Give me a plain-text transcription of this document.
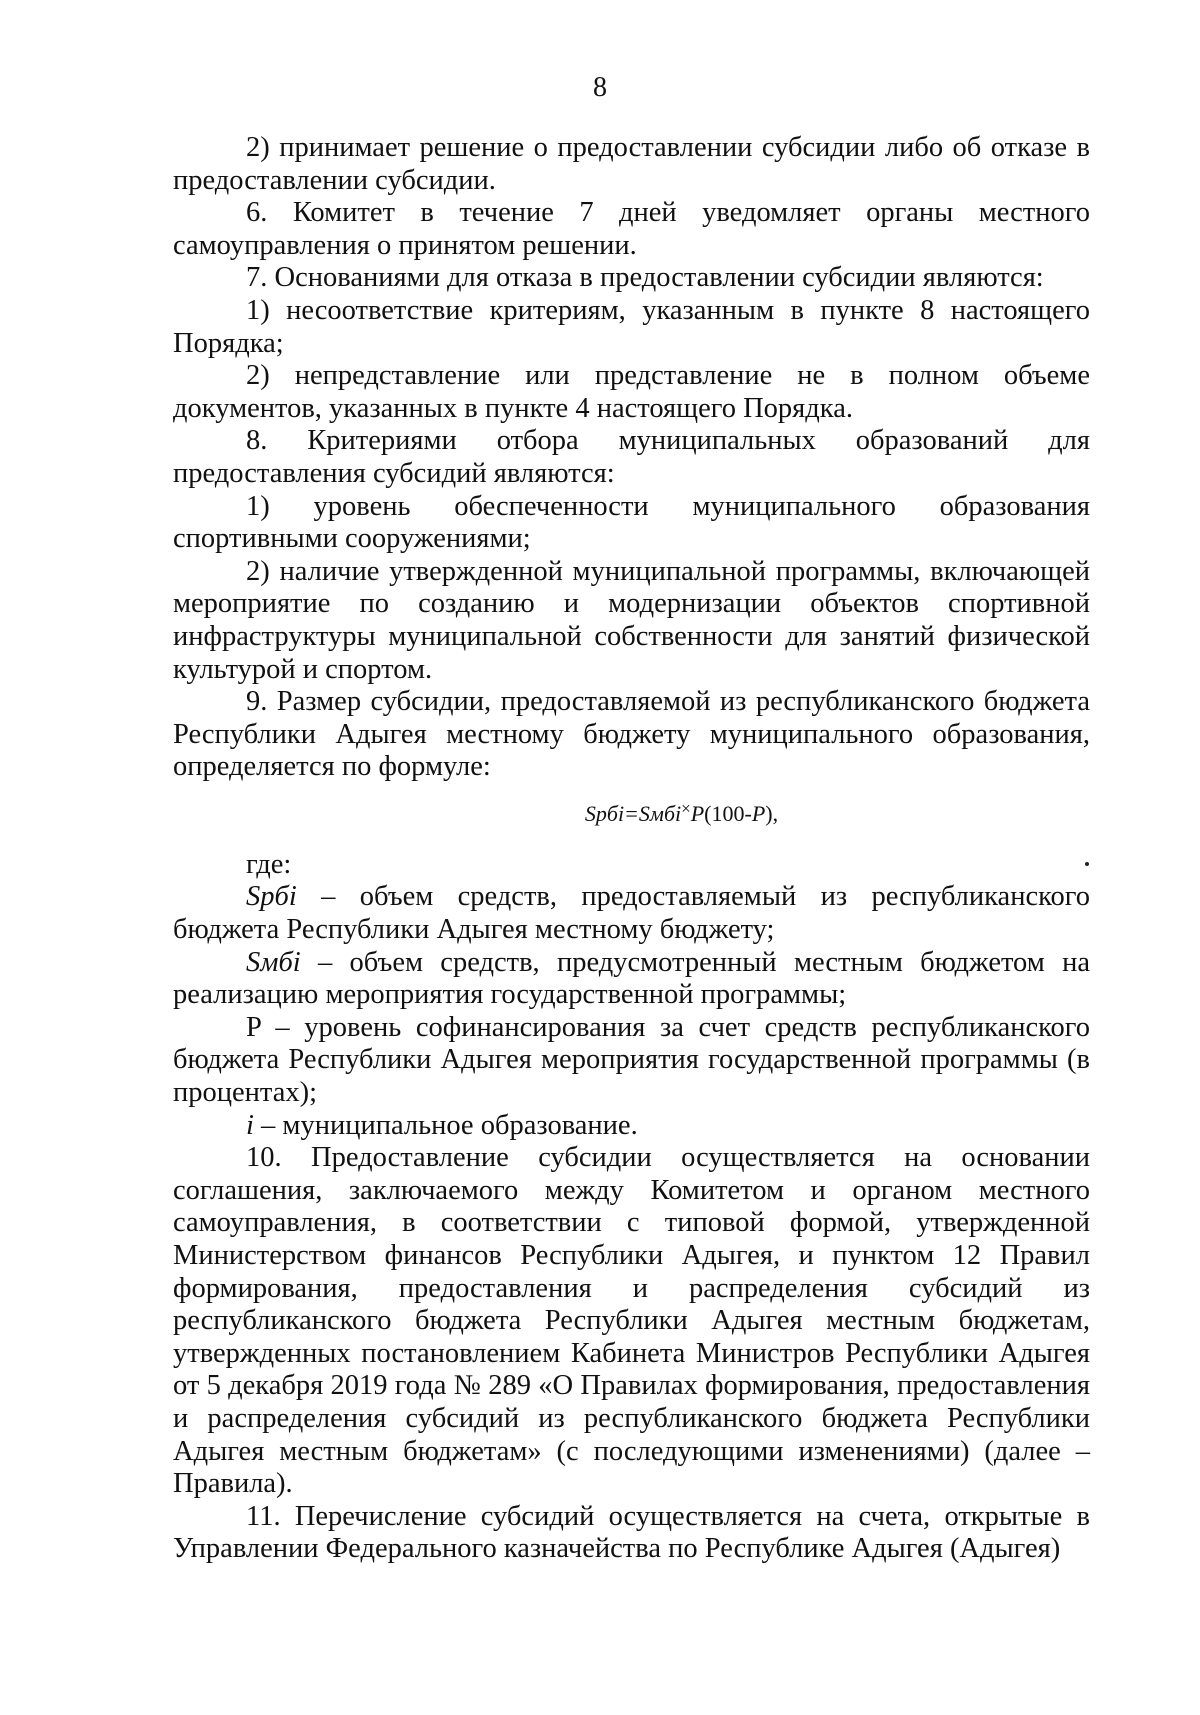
8

2) принимает решение о предоставлении субсидии либо об отказе в предоставлении субсидии.

6. Комитет в течение 7 дней уведомляет органы местного самоуправления о принятом решении.

7. Основаниями для отказа в предоставлении субсидии являются:

1) несоответствие критериям, указанным в пункте 8 настоящего Порядка;

2) непредставление или представление не в полном объеме документов, указанных в пункте 4 настоящего Порядка.

8. Критериями отбора муниципальных образований для предоставления субсидий являются:

1) уровень обеспеченности муниципального образования спортивными сооружениями;

2) наличие утвержденной муниципальной программы, включающей мероприятие по созданию и модернизации объектов спортивной инфраструктуры муниципальной собственности для занятий физической культурой и спортом.

9. Размер субсидии, предоставляемой из республиканского бюджета Республики Адыгея местному бюджету муниципального образования, определяется по формуле:

Sрбi=Sмбi×P(100-P),

где:

Sрбi – объем средств, предоставляемый из республиканского бюджета Республики Адыгея местному бюджету;

Sмбi – объем средств, предусмотренный местным бюджетом на реализацию мероприятия государственной программы;

P – уровень софинансирования за счет средств республиканского бюджета Республики Адыгея мероприятия государственной программы (в процентах);

i – муниципальное образование.

10. Предоставление субсидии осуществляется на основании соглашения, заключаемого между Комитетом и органом местного самоуправления, в соответствии с типовой формой, утвержденной Министерством финансов Республики Адыгея, и пунктом 12 Правил формирования, предоставления и распределения субсидий из республиканского бюджета Республики Адыгея местным бюджетам, утвержденных постановлением Кабинета Министров Республики Адыгея от 5 декабря 2019 года № 289 «О Правилах формирования, предоставления и распределения субсидий из республиканского бюджета Республики Адыгея местным бюджетам» (с последующими изменениями) (далее – Правила).

11. Перечисление субсидий осуществляется на счета, открытые в Управлении Федерального казначейства по Республике Адыгея (Адыгея)
